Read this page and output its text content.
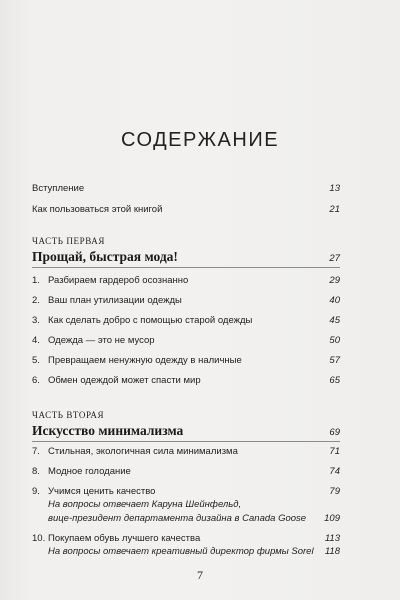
СОДЕРЖАНИЕ
Вступление	13
Как пользоваться этой книгой	21
ЧАСТЬ ПЕРВАЯ
Прощай, быстрая мода!	27
1. Разбираем гардероб осознанно	29
2. Ваш план утилизации одежды	40
3. Как сделать добро с помощью старой одежды	45
4. Одежда — это не мусор	50
5. Превращаем ненужную одежду в наличные	57
6. Обмен одеждой может спасти мир	65
ЧАСТЬ ВТОРАЯ
Искусство минимализма	69
7. Стильная, экологичная сила минимализма	71
8. Модное голодание	74
9. Учимся ценить качество	79
На вопросы отвечает Каруна Шейнфельд,
вице-президент департамента дизайна в Canada Goose	109
10. Покупаем обувь лучшего качества	113
На вопросы отвечает креативный директор фирмы Sorel	118
7
